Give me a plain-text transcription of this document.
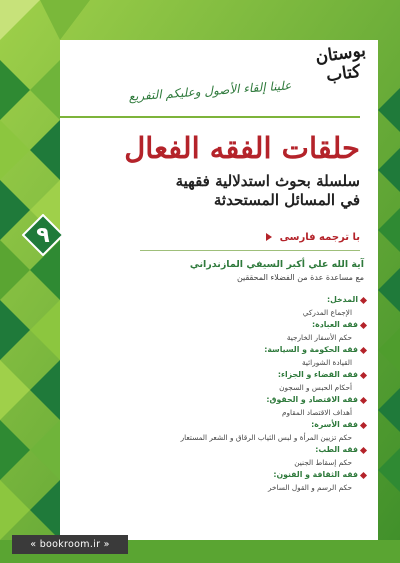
بوستان کتاب
علينا إلقاء الأصول وعليكم التفريع
حلقات الفقه الفعال
سلسلة بحوث استدلالية فقهية
في المسائل المستحدثة
٩	با ترجمه فارسی
آية الله علي أكبر السيفي المازندراني
مع مساعدة عدة من الفضلاء المحققين
المدخل:
الإجماع المدركي
فقه العبادة:
حكم الأسفار الخارجية
فقه الحكومة و السياسة:
القيادة الشورائية
فقه القضاء و الجزاء:
أحكام الحبس و السجون
فقه الاقتصاد و الحقوق:
أهداف الاقتصاد المقاوم
فقه الأسرة:
حكم تزيين المرأة و لبس الثياب الرقاق و الشعر المستعار
فقه الطب:
حكم إسقاط الجنين
فقه الثقافة و الفنون:
حكم الرسم و القول الساخر
« bookroom.ir »
